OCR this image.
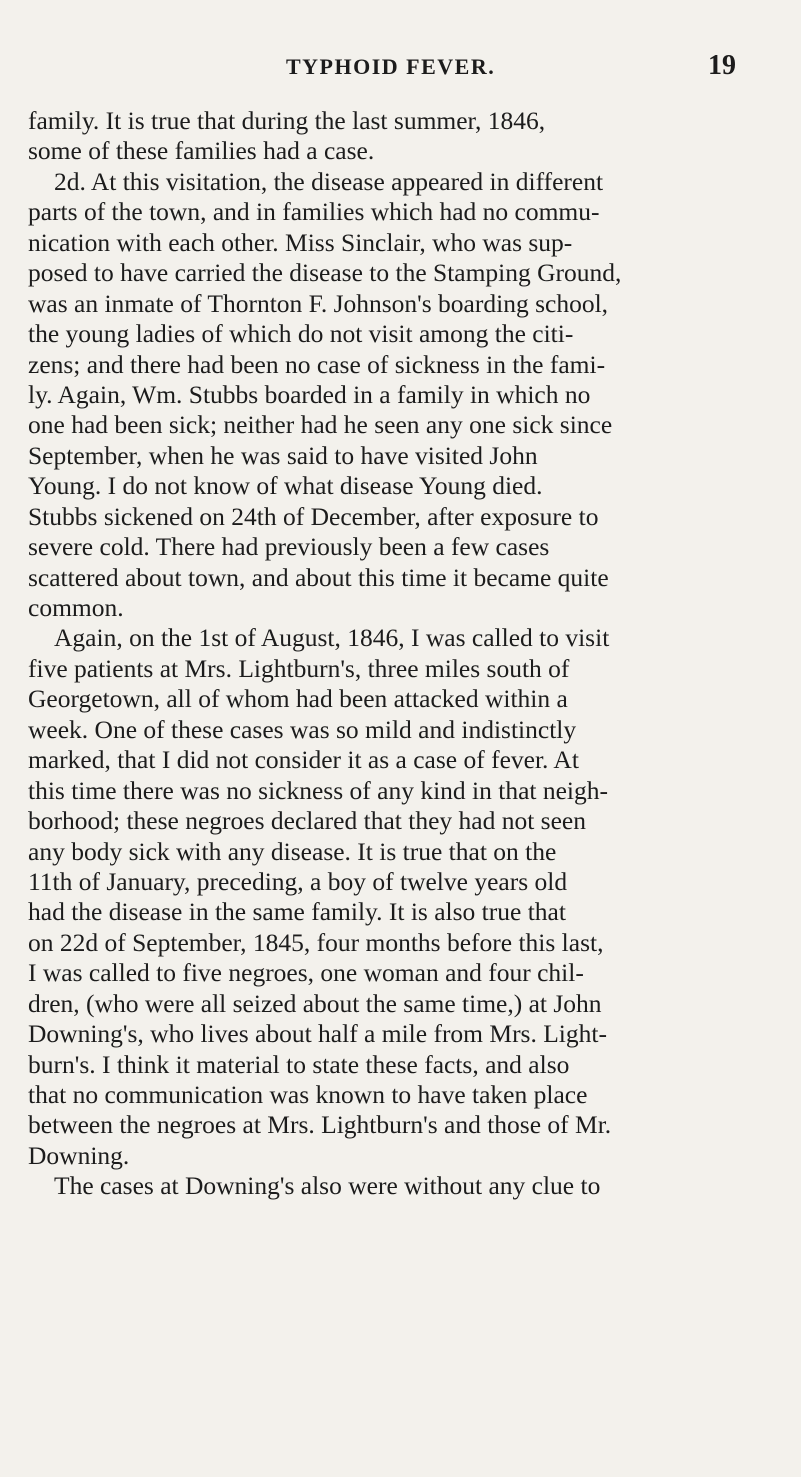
TYPHOID FEVER.	19
family. It is true that during the last summer, 1846,
some of these families had a case.
2d. At this visitation, the disease appeared in different
parts of the town, and in families which had no commu-
nication with each other. Miss Sinclair, who was sup-
posed to have carried the disease to the Stamping Ground,
was an inmate of Thornton F. Johnson's boarding school,
the young ladies of which do not visit among the citi-
zens; and there had been no case of sickness in the fami-
ly. Again, Wm. Stubbs boarded in a family in which no
one had been sick; neither had he seen any one sick since
September, when he was said to have visited John
Young. I do not know of what disease Young died.
Stubbs sickened on 24th of December, after exposure to
severe cold. There had previously been a few cases
scattered about town, and about this time it became quite
common.
Again, on the 1st of August, 1846, I was called to visit
five patients at Mrs. Lightburn's, three miles south of
Georgetown, all of whom had been attacked within a
week. One of these cases was so mild and indistinctly
marked, that I did not consider it as a case of fever. At
this time there was no sickness of any kind in that neigh-
borhood; these negroes declared that they had not seen
any body sick with any disease. It is true that on the
11th of January, preceding, a boy of twelve years old
had the disease in the same family. It is also true that
on 22d of September, 1845, four months before this last,
I was called to five negroes, one woman and four chil-
dren, (who were all seized about the same time,) at John
Downing's, who lives about half a mile from Mrs. Light-
burn's. I think it material to state these facts, and also
that no communication was known to have taken place
between the negroes at Mrs. Lightburn's and those of Mr.
Downing.
The cases at Downing's also were without any clue to
